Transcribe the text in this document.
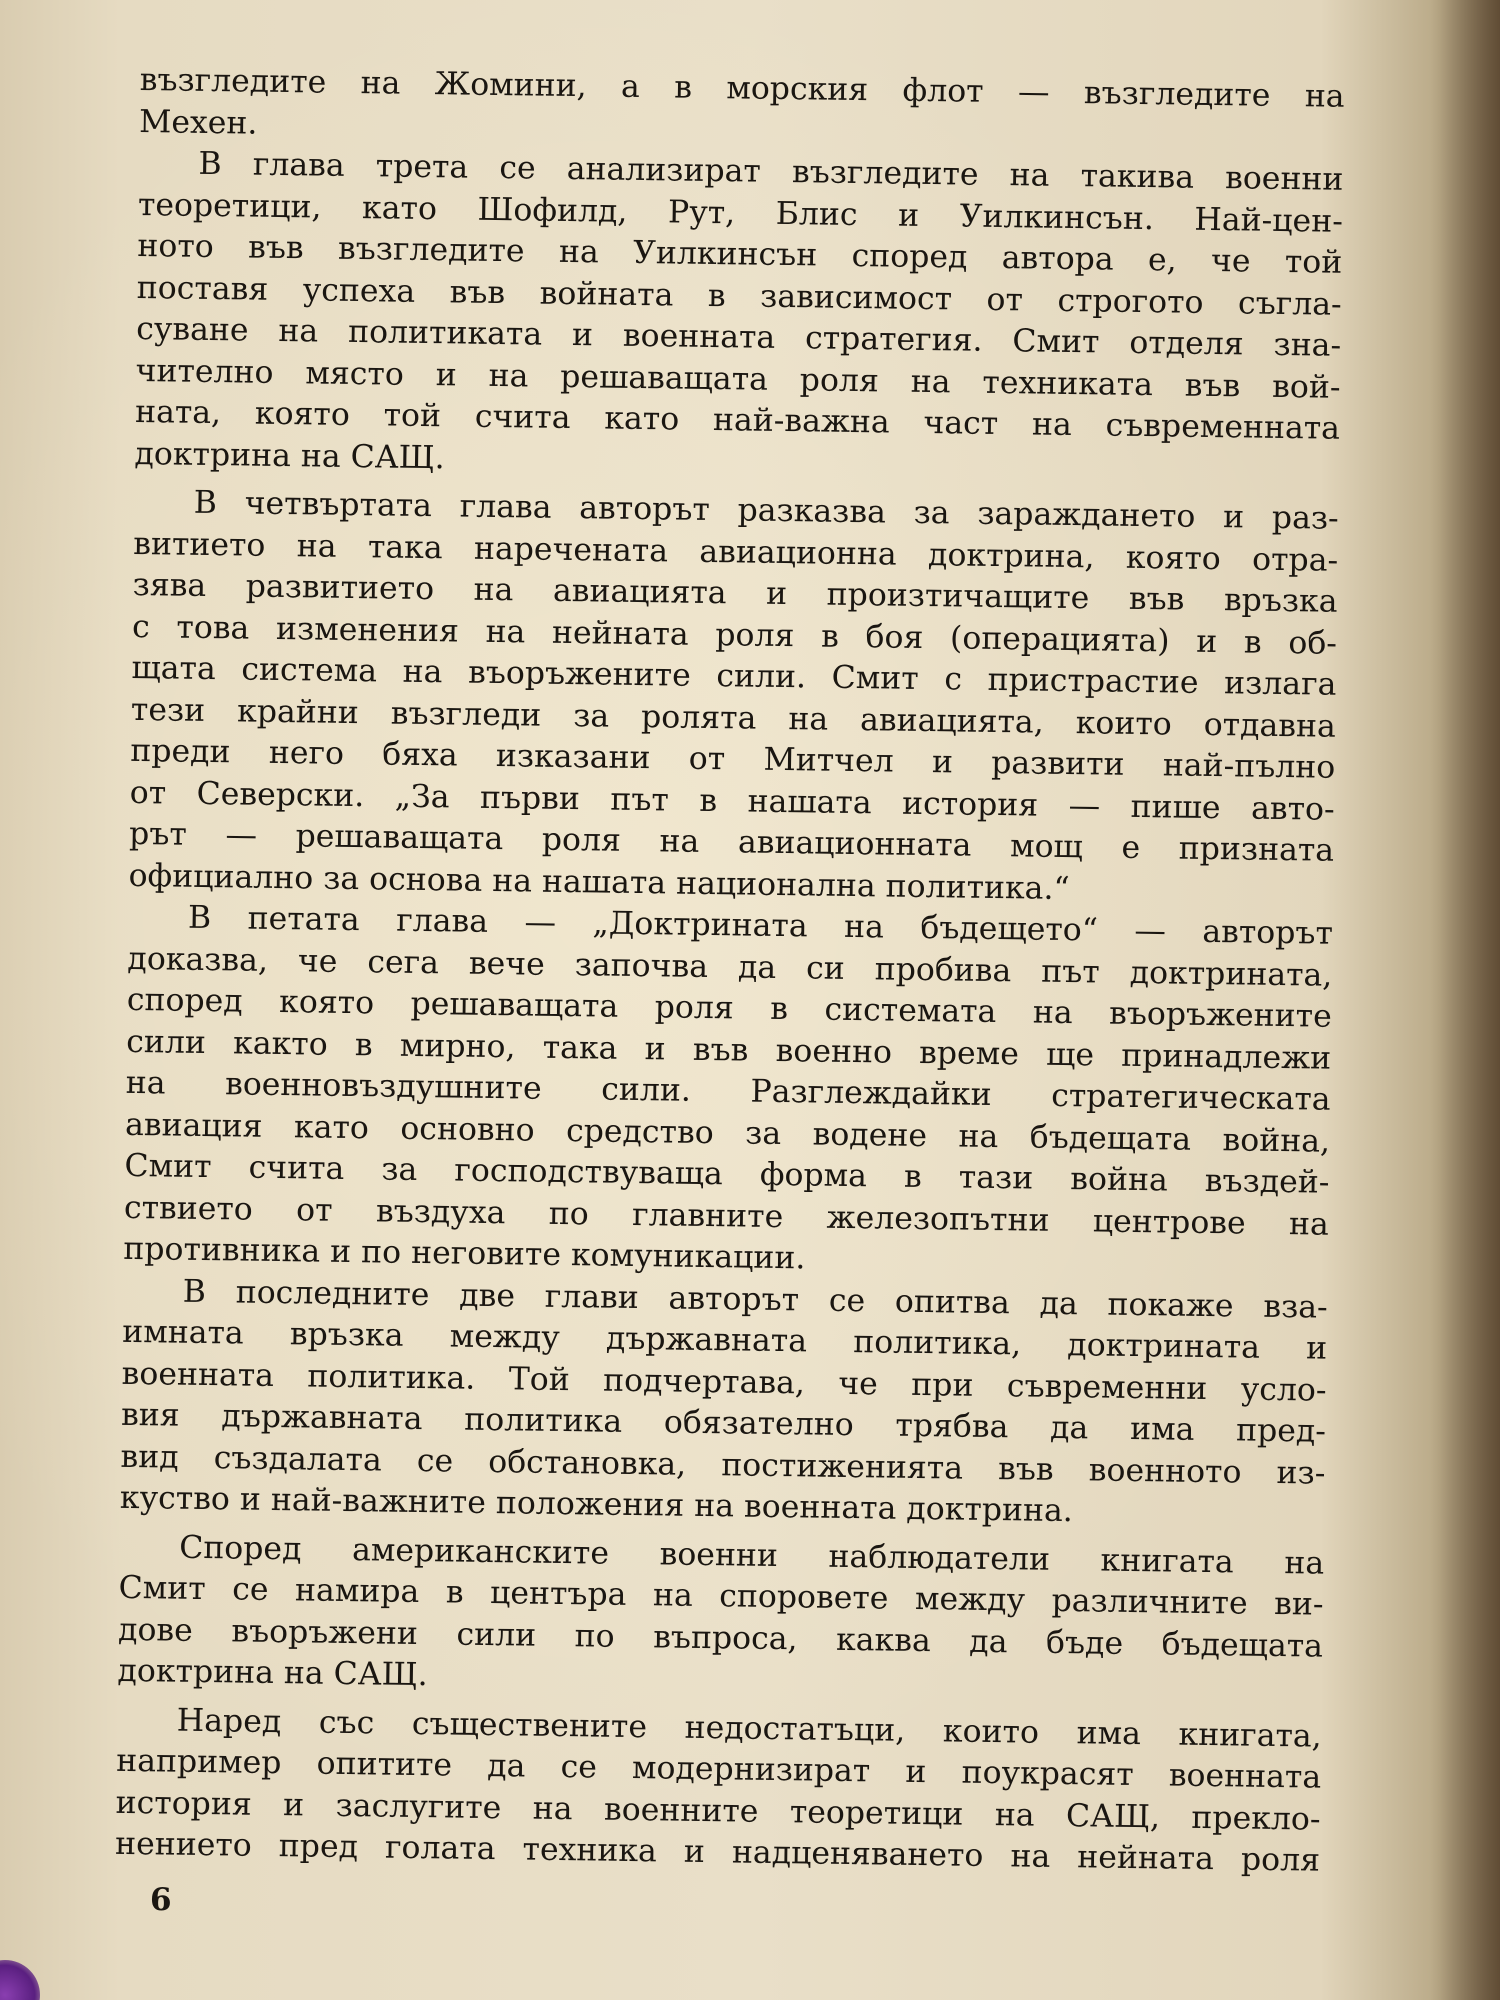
възгледите на Жомини, а в морския флот — възгледите на
Мехен.
В глава трета се анализират възгледите на такива военни
теоретици, като Шофилд, Рут, Блис и Уилкинсън. Най-цен-
ното във възгледите на Уилкинсън според автора е, че той
поставя успеха във войната в зависимост от строгото съгла-
суване на политиката и военната стратегия. Смит отделя зна-
чително място и на решаващата роля на техниката във вой-
ната, която той счита като най-важна част на съвременната
доктрина на САЩ.
В четвъртата глава авторът разказва за зараждането и раз-
витието на така наречената авиационна доктрина, която отра-
зява развитието на авиацията и произтичащите във връзка
с това изменения на нейната роля в боя (операцията) и в об-
щата система на въоръжените сили. Смит с пристрастие излага
тези крайни възгледи за ролята на авиацията, които отдавна
преди него бяха изказани от Митчел и развити най-пълно
от Северски. „За първи път в нашата история — пише авто-
рът — решаващата роля на авиационната мощ е призната
официално за основа на нашата национална политика.“
В петата глава — „Доктрината на бъдещето“ — авторът
доказва, че сега вече започва да си пробива път доктрината,
според която решаващата роля в системата на въоръжените
сили както в мирно, така и във военно време ще принадлежи
на военновъздушните сили. Разглеждайки стратегическата
авиация като основно средство за водене на бъдещата война,
Смит счита за господствуваща форма в тази война въздей-
ствието от въздуха по главните железопътни центрове на
противника и по неговите комуникации.
В последните две глави авторът се опитва да покаже вза-
имната връзка между държавната политика, доктрината и
военната политика. Той подчертава, че при съвременни усло-
вия държавната политика обязателно трябва да има пред-
вид създалата се обстановка, постиженията във военното из-
куство и най-важните положения на военната доктрина.
Според американските военни наблюдатели книгата на
Смит се намира в центъра на споровете между различните ви-
дове въоръжени сили по въпроса, каква да бъде бъдещата
доктрина на САЩ.
Наред със съществените недостатъци, които има книгата,
например опитите да се модернизират и поукрасят военната
история и заслугите на военните теоретици на САЩ, прекло-
нението пред голата техника и надценяването на нейната роля
6
